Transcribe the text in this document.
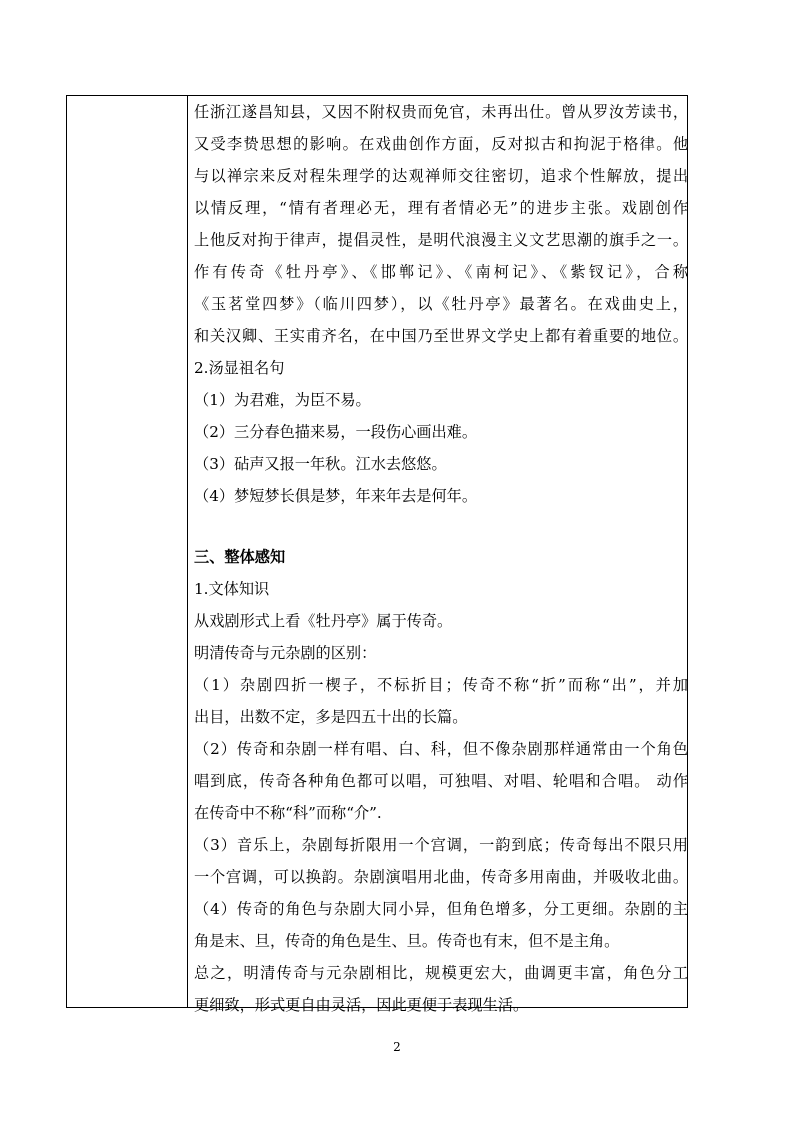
任浙江遂昌知县，又因不附权贵而免官，未再出仕。曾从罗汝芳读书，
又受李贽思想的影响。在戏曲创作方面，反对拟古和拘泥于格律。他
与以禅宗来反对程朱理学的达观禅师交往密切，追求个性解放，提出
以情反理，“情有者理必无，理有者情必无”的进步主张。戏剧创作
上他反对拘于律声，提倡灵性，是明代浪漫主义文艺思潮的旗手之一。
作有传奇《牡丹亭》、《邯郸记》、《南柯记》、《紫钗记》，合称
《玉茗堂四梦》（临川四梦），以《牡丹亭》最著名。在戏曲史上，
和关汉卿、王实甫齐名，在中国乃至世界文学史上都有着重要的地位。
2.汤显祖名句
（1）为君难，为臣不易。
（2）三分春色描来易，一段伤心画出难。
（3）砧声又报一年秋。江水去悠悠。
（4）梦短梦长俱是梦，年来年去是何年。
三、整体感知
1.文体知识
从戏剧形式上看《牡丹亭》属于传奇。
明清传奇与元杂剧的区别：
（1）杂剧四折一楔子，不标折目；传奇不称“折”而称“出”，并加
出目，出数不定，多是四五十出的长篇。
（2）传奇和杂剧一样有唱、白、科，但不像杂剧那样通常由一个角色
唱到底，传奇各种角色都可以唱，可独唱、对唱、轮唱和合唱。 动作
在传奇中不称“科”而称“介”.
（3）音乐上，杂剧每折限用一个宫调，一韵到底；传奇每出不限只用
一个宫调，可以换韵。杂剧演唱用北曲，传奇多用南曲，并吸收北曲。
（4）传奇的角色与杂剧大同小异，但角色增多，分工更细。杂剧的主
角是末、旦，传奇的角色是生、旦。传奇也有末，但不是主角。
总之，明清传奇与元杂剧相比，规模更宏大，曲调更丰富，角色分工
更细致，形式更自由灵活，因此更便于表现生活。
2
